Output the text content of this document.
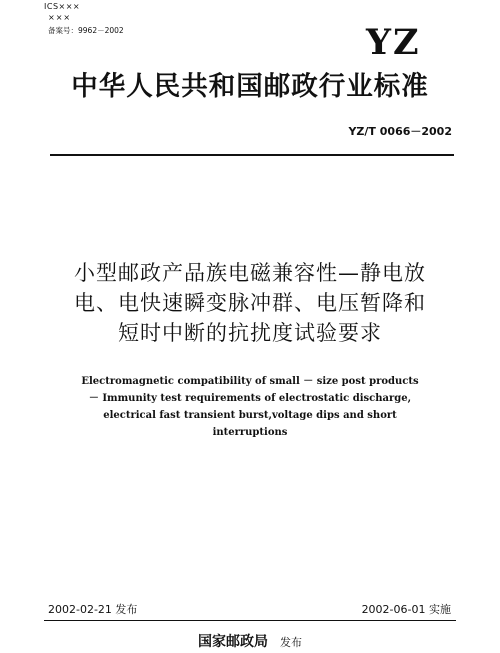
ICS×××
×××
备案号：9962－2002	YZ
中华人民共和国邮政行业标准
YZ/T 0066－2002
小型邮政产品族电磁兼容性—静电放
电、电快速瞬变脉冲群、电压暂降和
短时中断的抗扰度试验要求
Electromagnetic compatibility of small － size post products
－ Immunity test requirements of electrostatic discharge,
electrical fast transient burst,voltage dips and short
interruptions
2002-02-21 发布	2002-06-01 实施
国家邮政局 发布
